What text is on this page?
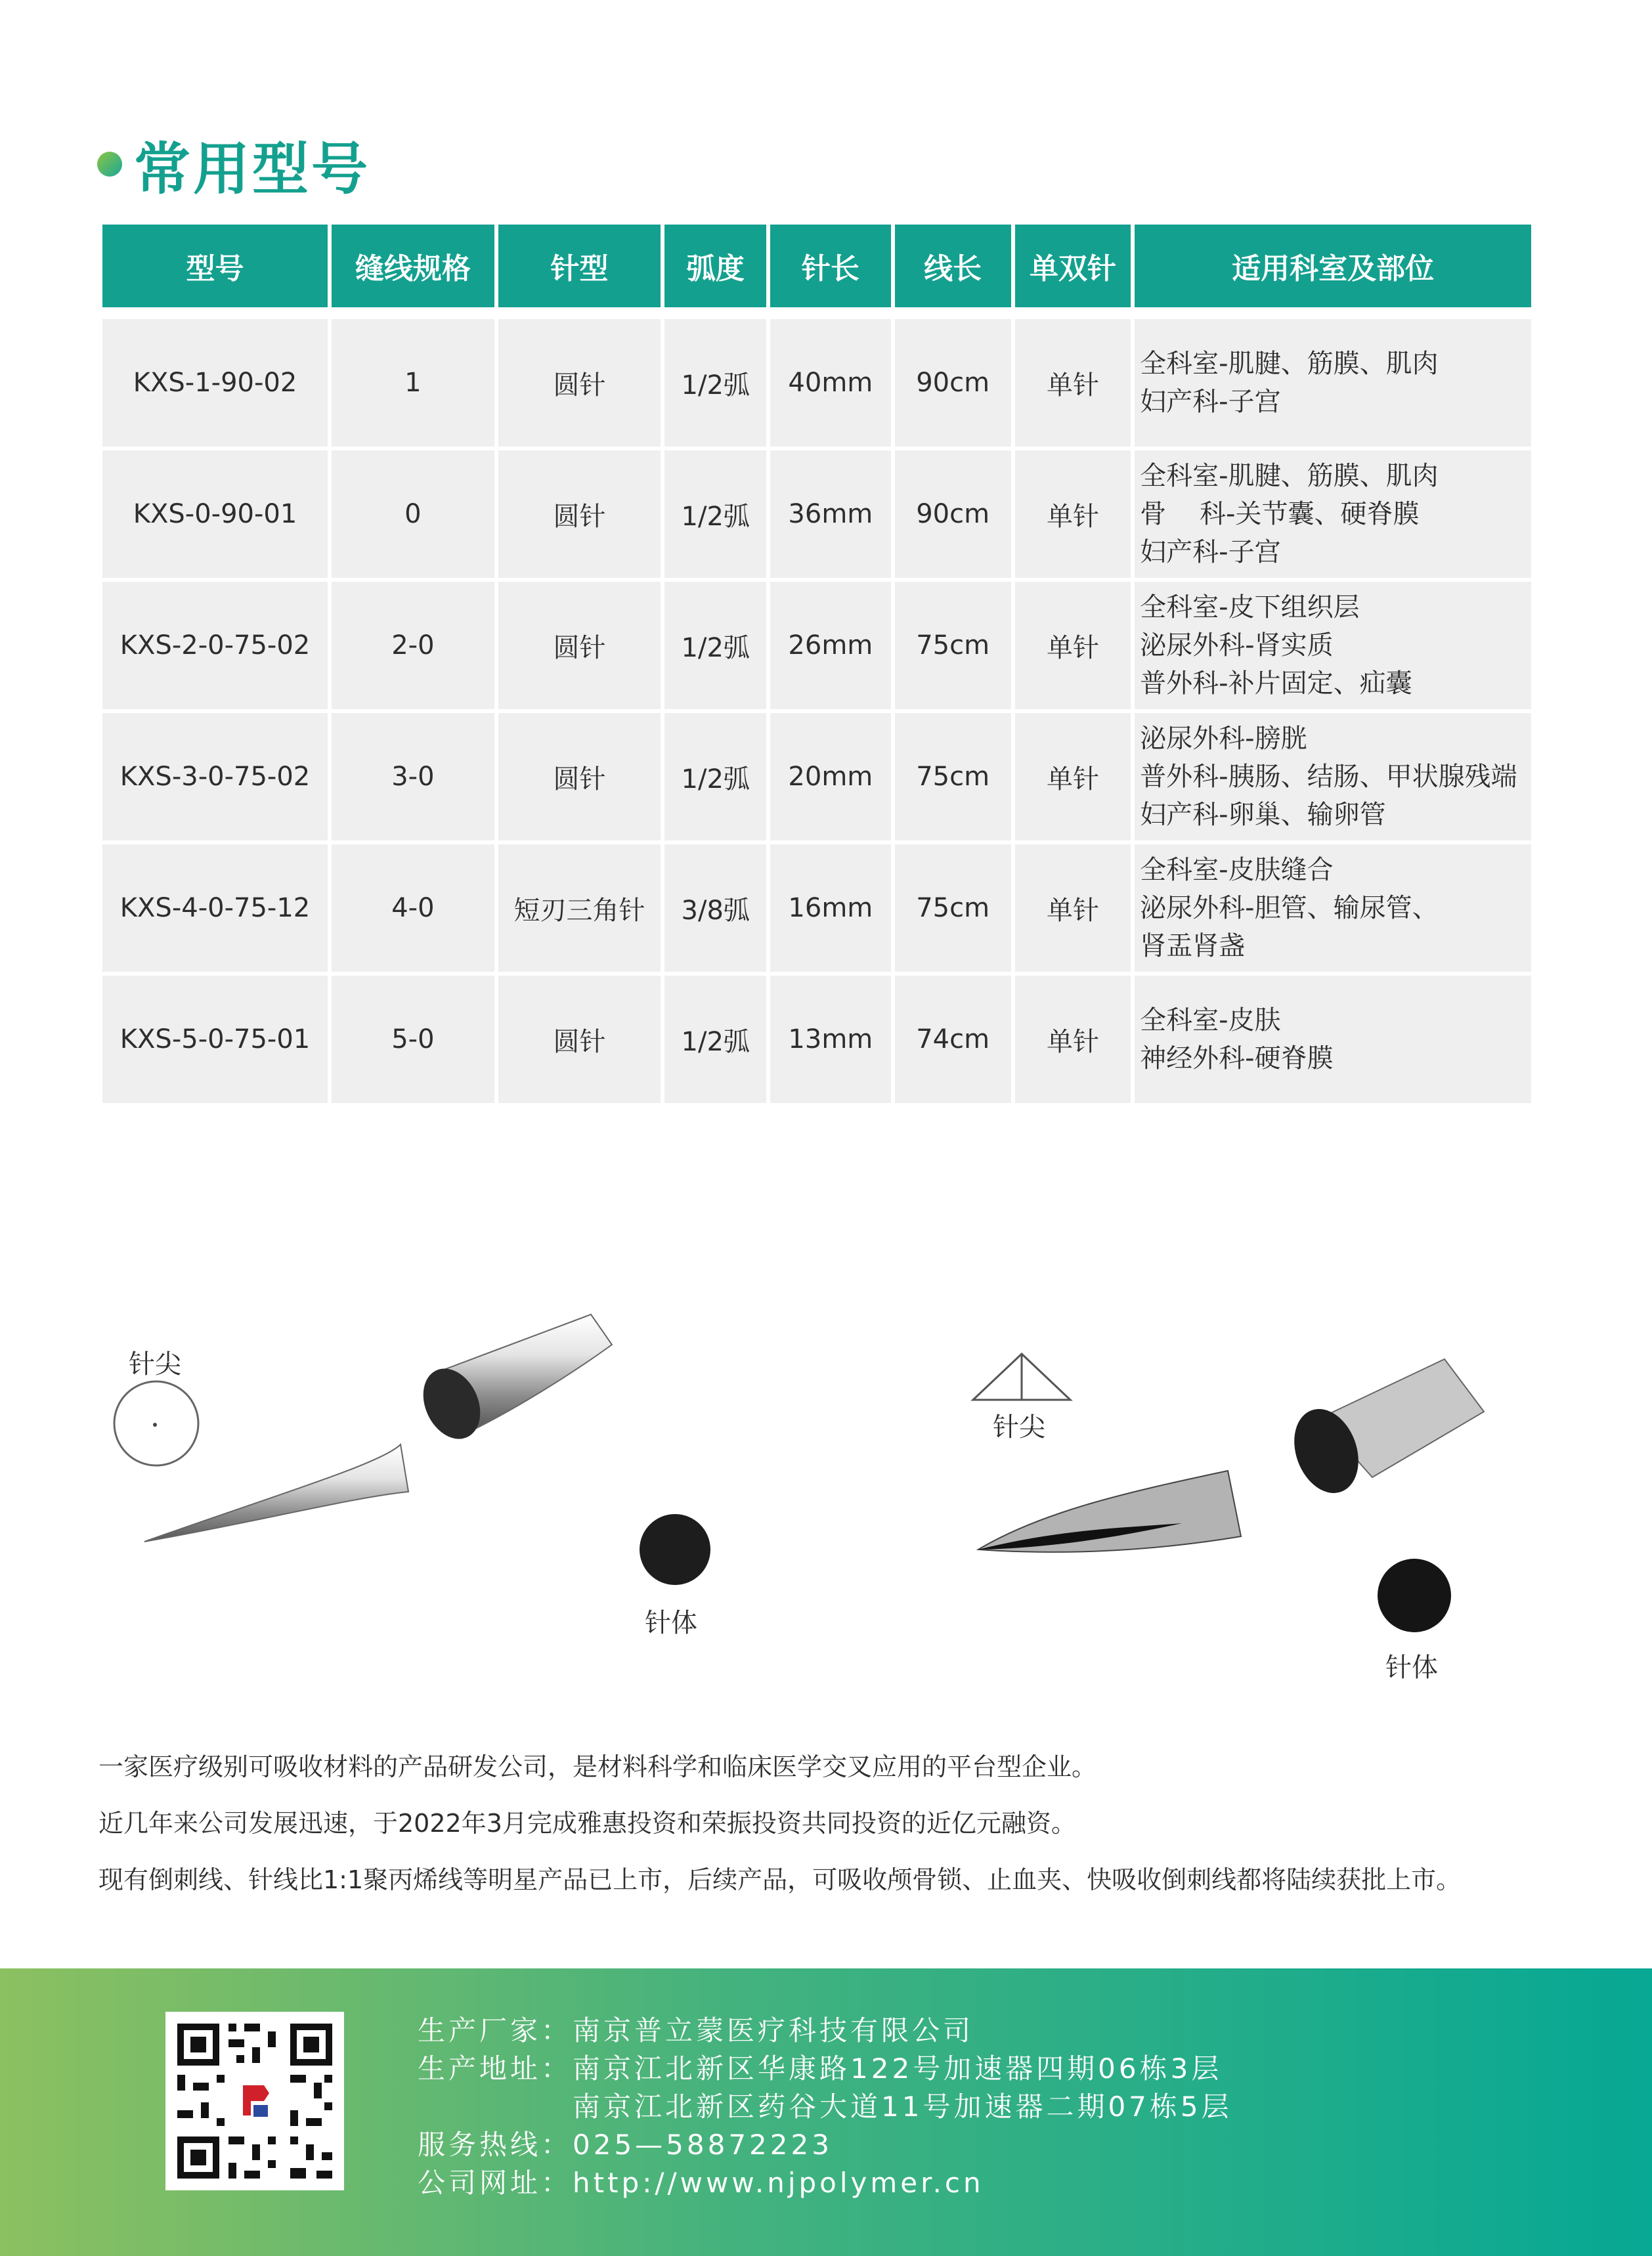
常用型号
型号	缝线规格	针型	弧度	针长	线长	单双针	适用科室及部位

KXS-1-90-02	1	圆针	1/2弧	40mm	90cm	单针	全科室-肌腱、筋膜、肌肉
妇产科-子宫

KXS-0-90-01	0	圆针	1/2弧	36mm	90cm	单针	全科室-肌腱、筋膜、肌肉
骨    科-关节囊、硬脊膜
妇产科-子宫

KXS-2-0-75-02	2-0	圆针	1/2弧	26mm	75cm	单针	全科室-皮下组织层
泌尿外科-肾实质
普外科-补片固定、疝囊

KXS-3-0-75-02	3-0	圆针	1/2弧	20mm	75cm	单针	泌尿外科-膀胱
普外科-胰肠、结肠、甲状腺残端
妇产科-卵巢、输卵管

KXS-4-0-75-12	4-0	短刃三角针	3/8弧	16mm	75cm	单针	全科室-皮肤缝合
泌尿外科-胆管、输尿管、
肾盂肾盏

KXS-5-0-75-01	5-0	圆针	1/2弧	13mm	74cm	单针	全科室-皮肤
神经外科-硬脊膜
针尖
针体
针尖
针体
一家医疗级别可吸收材料的产品研发公司，是材料科学和临床医学交叉应用的平台型企业。
近几年来公司发展迅速，于2022年3月完成雅惠投资和荣振投资共同投资的近亿元融资。
现有倒刺线、针线比1:1聚丙烯线等明星产品已上市，后续产品，可吸收颅骨锁、止血夹、快吸收倒刺线都将陆续获批上市。
生产厂家：南京普立蒙医疗科技有限公司
生产地址：南京江北新区华康路122号加速器四期06栋3层
南京江北新区药谷大道11号加速器二期07栋5层
服务热线：025—58872223
公司网址：http://www.njpolymer.cn
